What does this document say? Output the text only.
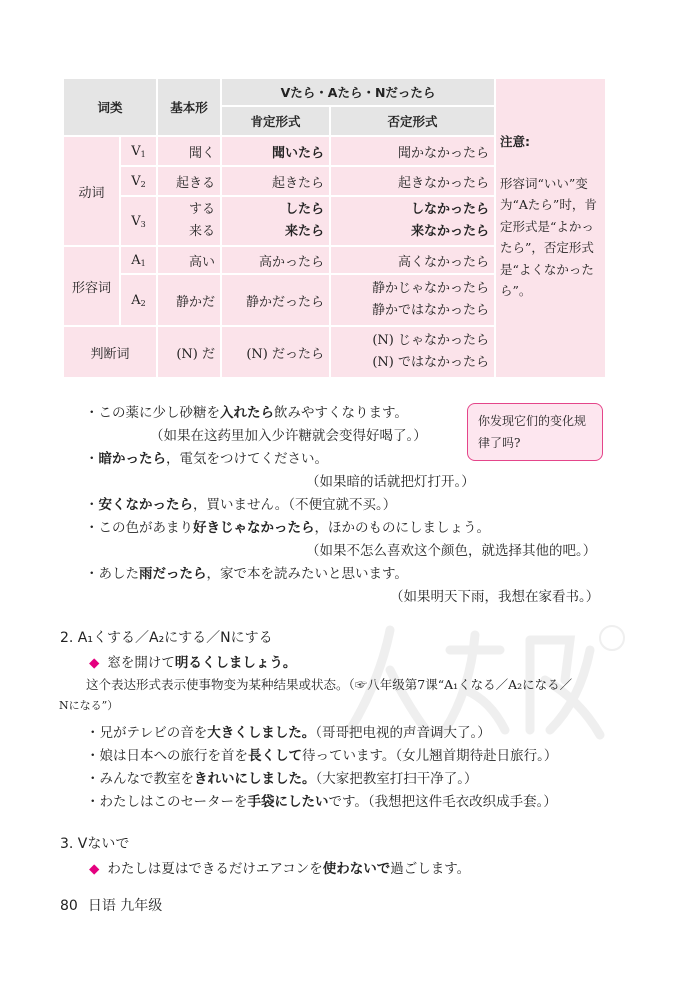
词类	基本形	Vたら・Aたら・Nだったら	
注意:
形容词“いい”变为“Aたら”时，肯定形式是“よかったら”，否定形式是“よくなかったら”。
肯定形式	否定形式
动词	$V_1$	聞く	聞いたら	聞かなかったら
$V_2$	起きる	起きたら	起きなかったら
$V_3$	
する
来る

したら
来たら

しなかったら
来なかったら

形容词	$A_1$	高い	高かったら	高くなかったら
$A_2$	静かだ	静かだったら	
静かじゃなかったら
静かではなかったら

判断词	(N) だ	(N) だったら	
(N) じゃなかったら
(N) ではなかったら
你发现它们的变化规律了吗?
・この薬に少し砂糖を入れたら飲みやすくなります。
（如果在这药里加入少许糖就会变得好喝了。）
・暗かったら，電気をつけてください。
（如果暗的话就把灯打开。）
・安くなかったら，買いません。（不便宜就不买。）
・この色があまり好きじゃなかったら，ほかのものにしましょう。
（如果不怎么喜欢这个颜色，就选择其他的吧。）
・あした雨だったら，家で本を読みたいと思います。
（如果明天下雨，我想在家看书。）
2. A₁くする／A₂にする／Nにする
◆ 窓を開けて明るくしましょう。
这个表达形式表示使事物变为某种结果或状态。（☞八年级第7课“A₁くなる／A₂になる／
Nになる”）
・兄がテレビの音を大きくしました。（哥哥把电视的声音调大了。）
・娘は日本への旅行を首を長くして待っています。（女儿翘首期待赴日旅行。）
・みんなで教室をきれいにしました。（大家把教室打扫干净了。）
・わたしはこのセーターを手袋にしたいです。（我想把这件毛衣改织成手套。）
3. Vないで
◆ わたしは夏はできるだけエアコンを使わないで過ごします。
80 日语 九年级
